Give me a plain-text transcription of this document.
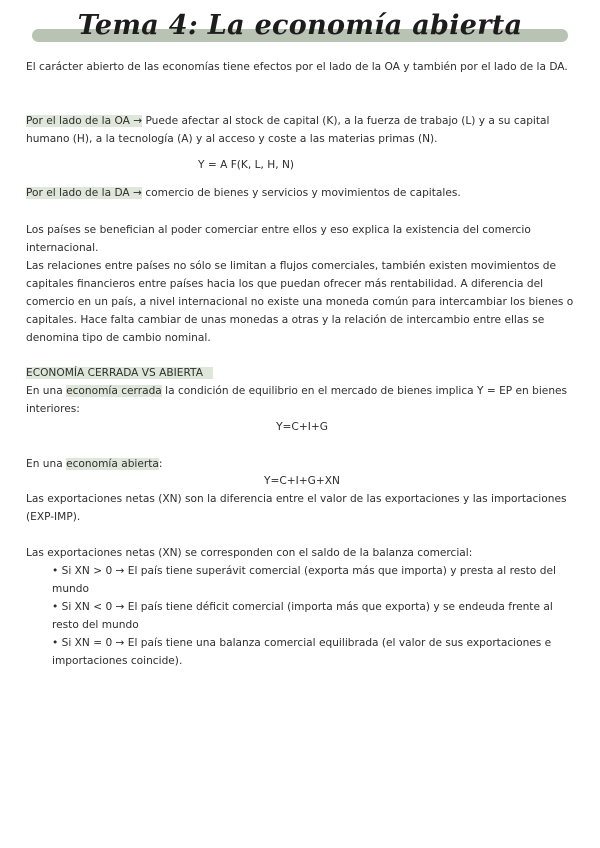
Tema 4: La economía abierta
El carácter abierto de las economías tiene efectos por el lado de la OA y también por el lado de la DA.
Por el lado de la OA → Puede afectar al stock de capital (K), a la fuerza de trabajo (L) y a su capital humano (H), a la tecnología (A) y al acceso y coste a las materias primas (N).
Y = A F(K, L, H, N)
Por el lado de la DA → comercio de bienes y servicios y movimientos de capitales.
Los países se benefician al poder comerciar entre ellos y eso explica la existencia del comercio internacional.
Las relaciones entre países no sólo se limitan a flujos comerciales, también existen movimientos de capitales financieros entre países hacia los que puedan ofrecer más rentabilidad. A diferencia del comercio en un país, a nivel internacional no existe una moneda común para intercambiar los bienes o capitales. Hace falta cambiar de unas monedas a otras y la relación de intercambio entre ellas se denomina tipo de cambio nominal.
ECONOMÍA CERRADA VS ABIERTA
En una economía cerrada la condición de equilibrio en el mercado de bienes implica Y = EP en bienes interiores:
Y=C+I+G
En una economía abierta:
Y=C+I+G+XN
Las exportaciones netas (XN) son la diferencia entre el valor de las exportaciones y las importaciones (EXP-IMP).
Las exportaciones netas (XN) se corresponden con el saldo de la balanza comercial:

• Si XN > 0 → El país tiene superávit comercial (exporta más que importa) y presta al resto del mundo

• Si XN < 0 → El país tiene déficit comercial (importa más que exporta) y se endeuda frente al resto del mundo

• Si XN = 0 → El país tiene una balanza comercial equilibrada (el valor de sus exportaciones e importaciones coincide).
